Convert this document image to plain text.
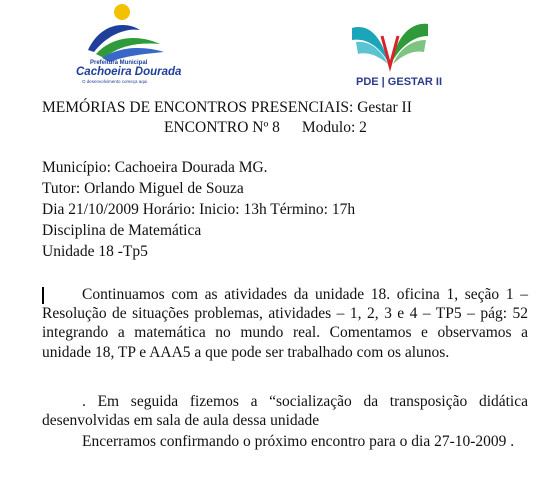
Prefeitura Municipal
Cachoeira Dourada
O desenvolvimento começa aqui	PDE | GESTAR II
MEMÓRIAS DE ENCONTROS PRESENCIAIS: Gestar II
ENCONTRO Nº 8 Modulo: 2
Município: Cachoeira Dourada MG.
Tutor: Orlando Miguel de Souza
Dia 21/10/2009 Horário: Inicio: 13h Término: 17h
Disciplina de Matemática
Unidade 18 -Tp5
Continuamos com as atividades da unidade 18. oficina 1, seção 1 – Resolução de situações problemas, atividades – 1, 2, 3 e 4 – TP5 – pág: 52 integrando a matemática no mundo real. Comentamos e observamos a unidade 18, TP e AAA5 a que pode ser trabalhado com os alunos.
. Em seguida fizemos a “socialização da transposição didática desenvolvidas em sala de aula dessa unidade
Encerramos confirmando o próximo encontro para o dia 27-10-2009 .
